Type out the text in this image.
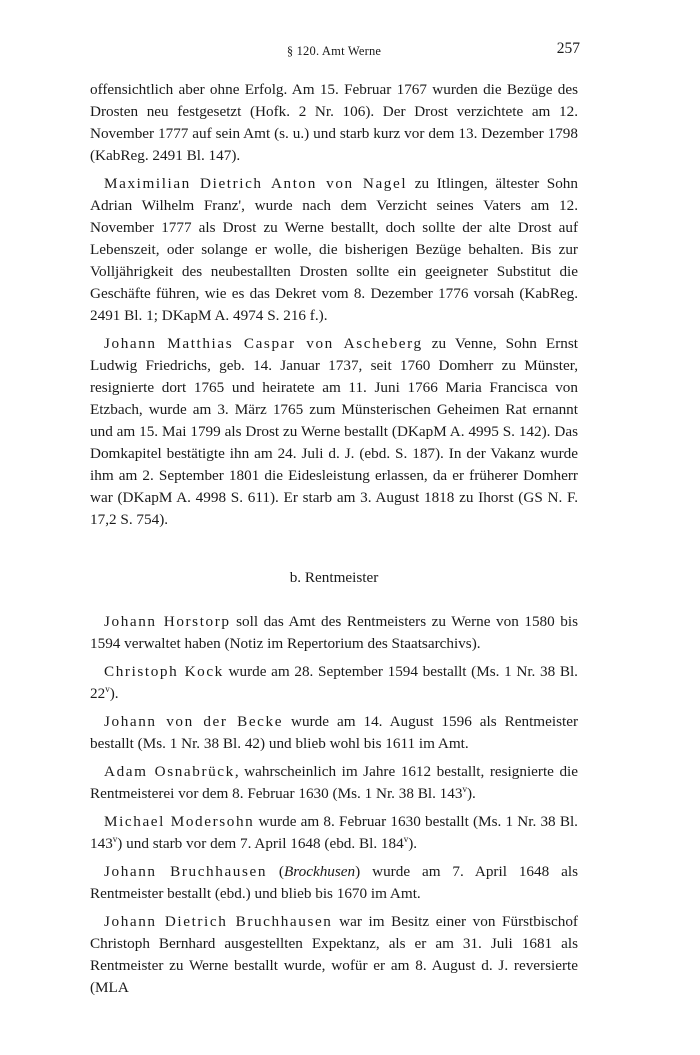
§ 120. Amt Werne	257

offensichtlich aber ohne Erfolg. Am 15. Februar 1767 wurden die Bezüge des Drosten neu festgesetzt (Hofk. 2 Nr. 106). Der Drost verzichtete am 12. November 1777 auf sein Amt (s. u.) und starb kurz vor dem 13. Dezember 1798 (KabReg. 2491 Bl. 147).

Maximilian Dietrich Anton von Nagel zu Itlingen, ältester Sohn Adrian Wilhelm Franz', wurde nach dem Verzicht seines Vaters am 12. November 1777 als Drost zu Werne bestallt, doch sollte der alte Drost auf Lebenszeit, oder solange er wolle, die bisherigen Bezüge behalten. Bis zur Volljährigkeit des neubestallten Drosten sollte ein geeigneter Substitut die Geschäfte führen, wie es das Dekret vom 8. Dezember 1776 vorsah (KabReg. 2491 Bl. 1; DKapM A. 4974 S. 216 f.).

Johann Matthias Caspar von Ascheberg zu Venne, Sohn Ernst Ludwig Friedrichs, geb. 14. Januar 1737, seit 1760 Domherr zu Münster, resignierte dort 1765 und heiratete am 11. Juni 1766 Maria Francisca von Etzbach, wurde am 3. März 1765 zum Münsterischen Geheimen Rat ernannt und am 15. Mai 1799 als Drost zu Werne bestallt (DKapM A. 4995 S. 142). Das Domkapitel bestätigte ihn am 24. Juli d. J. (ebd. S. 187). In der Vakanz wurde ihm am 2. September 1801 die Eidesleistung erlassen, da er früherer Domherr war (DKapM A. 4998 S. 611). Er starb am 3. August 1818 zu Ihorst (GS N. F. 17,2 S. 754).

b. Rentmeister

Johann Horstorp soll das Amt des Rentmeisters zu Werne von 1580 bis 1594 verwaltet haben (Notiz im Repertorium des Staatsarchivs).

Christoph Kock wurde am 28. September 1594 bestallt (Ms. 1 Nr. 38 Bl. 22$^v$).

Johann von der Becke wurde am 14. August 1596 als Rentmeister bestallt (Ms. 1 Nr. 38 Bl. 42) und blieb wohl bis 1611 im Amt.

Adam Osnabrück, wahrscheinlich im Jahre 1612 bestallt, resignierte die Rentmeisterei vor dem 8. Februar 1630 (Ms. 1 Nr. 38 Bl. 143$^v$).

Michael Modersohn wurde am 8. Februar 1630 bestallt (Ms. 1 Nr. 38 Bl. 143$^v$) und starb vor dem 7. April 1648 (ebd. Bl. 184$^v$).

Johann Bruchhausen (Brockhusen) wurde am 7. April 1648 als Rentmeister bestallt (ebd.) und blieb bis 1670 im Amt.

Johann Dietrich Bruchhausen war im Besitz einer von Fürstbischof Christoph Bernhard ausgestellten Expektanz, als er am 31. Juli 1681 als Rentmeister zu Werne bestallt wurde, wofür er am 8. August d. J. reversierte (MLA
